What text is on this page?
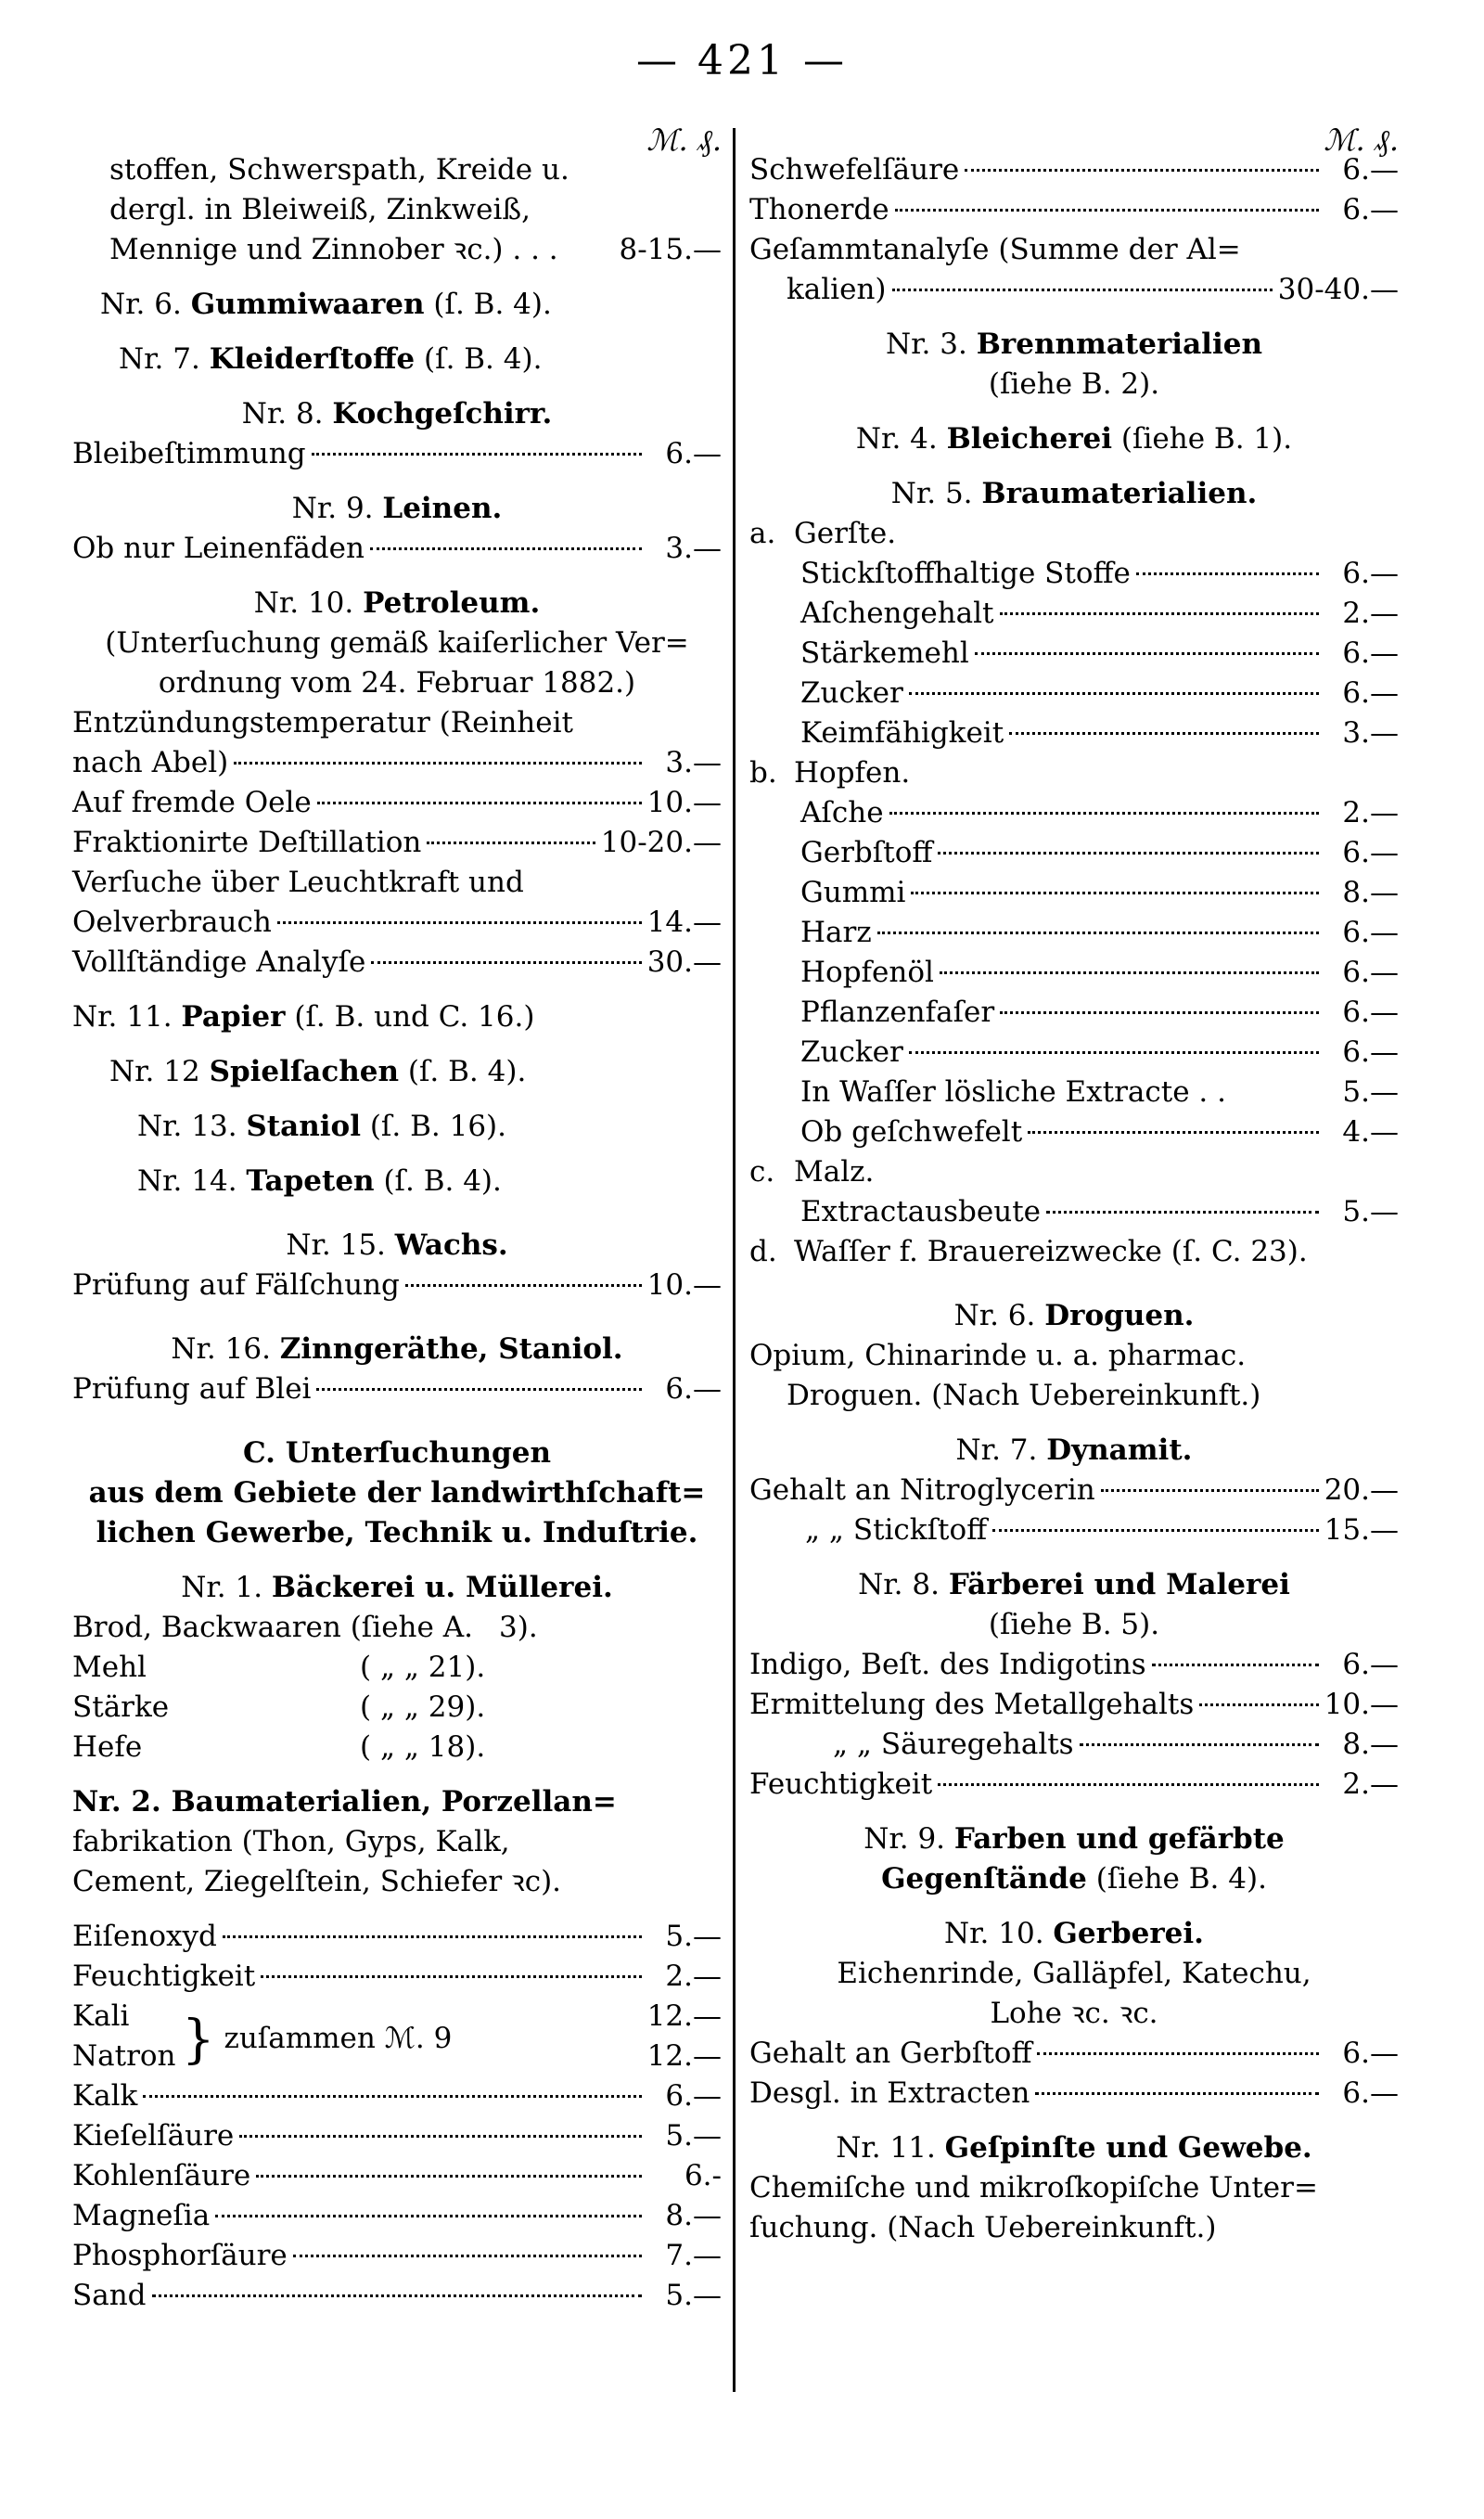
— 421 —
ℳ. ₰.
stoffen, Schwerspath, Kreide u.
dergl. in Bleiweiß, Zinkweiß,
Mennige und Zinnober ꝛc.) . . . 8-15.—
Nr. 6. Gummiwaaren (ſ. B. 4).
Nr. 7. Kleiderſtoffe (ſ. B. 4).
Nr. 8. Kochgeſchirr.
Bleibeſtimmung	6.—
Nr. 9. Leinen.
Ob nur Leinenfäden	3.—
Nr. 10. Petroleum.
(Unterſuchung gemäß kaiſerlicher Ver=
ordnung vom 24. Februar 1882.)
Entzündungstemperatur (Reinheit
nach Abel)	3.—
Auf fremde Oele	10.—
Fraktionirte Deſtillation	10-20.—
Verſuche über Leuchtkraft und
Oelverbrauch	14.—
Vollſtändige Analyſe	30.—
Nr. 11. Papier (ſ. B. und C. 16.)
Nr. 12 Spielſachen (ſ. B. 4).
Nr. 13. Staniol (ſ. B. 16).
Nr. 14. Tapeten (ſ. B. 4).
Nr. 15. Wachs.
Prüfung auf Fälſchung	10.—
Nr. 16. Zinngeräthe, Staniol.
Prüfung auf Blei	6.—
C. Unterſuchungen
aus dem Gebiete der landwirthſchaft=
lichen Gewerbe, Technik u. Induſtrie.
Nr. 1. Bäckerei u. Müllerei.
Brod, Backwaaren (ſiehe A. 3).
Mehl	( „ „ 21).
Stärke	( „ „ 29).
Hefe	( „ „ 18).
Nr. 2. Baumaterialien, Porzellan=
fabrikation (Thon, Gyps, Kalk,
Cement, Ziegelſtein, Schiefer ꝛc).
Eiſenoxyd	5.—
Feuchtigkeit	2.—
Kali	12.—
Natron	12.—
} zuſammen ℳ. 9
Kalk	6.—
Kieſelſäure	5.—
Kohlenſäure	6.-
Magneſia	8.—
Phosphorſäure	7.—
Sand	5.—
ℳ. ₰.
Schwefelſäure	6.—
Thonerde	6.—
Geſammtanalyſe (Summe der Al=
kalien)	30-40.—
Nr. 3. Brennmaterialien
(ſiehe B. 2).
Nr. 4. Bleicherei (ſiehe B. 1).
Nr. 5. Braumaterialien.
a. Gerſte.
Stickſtoffhaltige Stoffe	6.—
Aſchengehalt	2.—
Stärkemehl	6.—
Zucker	6.—
Keimfähigkeit	3.—
b. Hopfen.
Aſche	2.—
Gerbſtoff	6.—
Gummi	8.—
Harz	6.—
Hopfenöl	6.—
Pflanzenfaſer	6.—
Zucker	6.—
In Waſſer lösliche Extracte . .	5.—
Ob geſchwefelt	4.—
c. Malz.
Extractausbeute	5.—
d. Waſſer f. Brauereizwecke (ſ. C. 23).
Nr. 6. Droguen.
Opium, Chinarinde u. a. pharmac.
Droguen. (Nach Uebereinkunft.)
Nr. 7. Dynamit.
Gehalt an Nitroglycerin	20.—
„ „ Stickſtoff	15.—
Nr. 8. Färberei und Malerei
(ſiehe B. 5).
Indigo, Beſt. des Indigotins	6.—
Ermittelung des Metallgehalts	10.—
„ „ Säuregehalts	8.—
Feuchtigkeit	2.—
Nr. 9. Farben und gefärbte
Gegenſtände (ſiehe B. 4).
Nr. 10. Gerberei.
Eichenrinde, Galläpfel, Katechu,
Lohe ꝛc. ꝛc.
Gehalt an Gerbſtoff	6.—
Desgl. in Extracten	6.—
Nr. 11. Geſpinſte und Gewebe.
Chemiſche und mikroſkopiſche Unter=
ſuchung. (Nach Uebereinkunft.)
